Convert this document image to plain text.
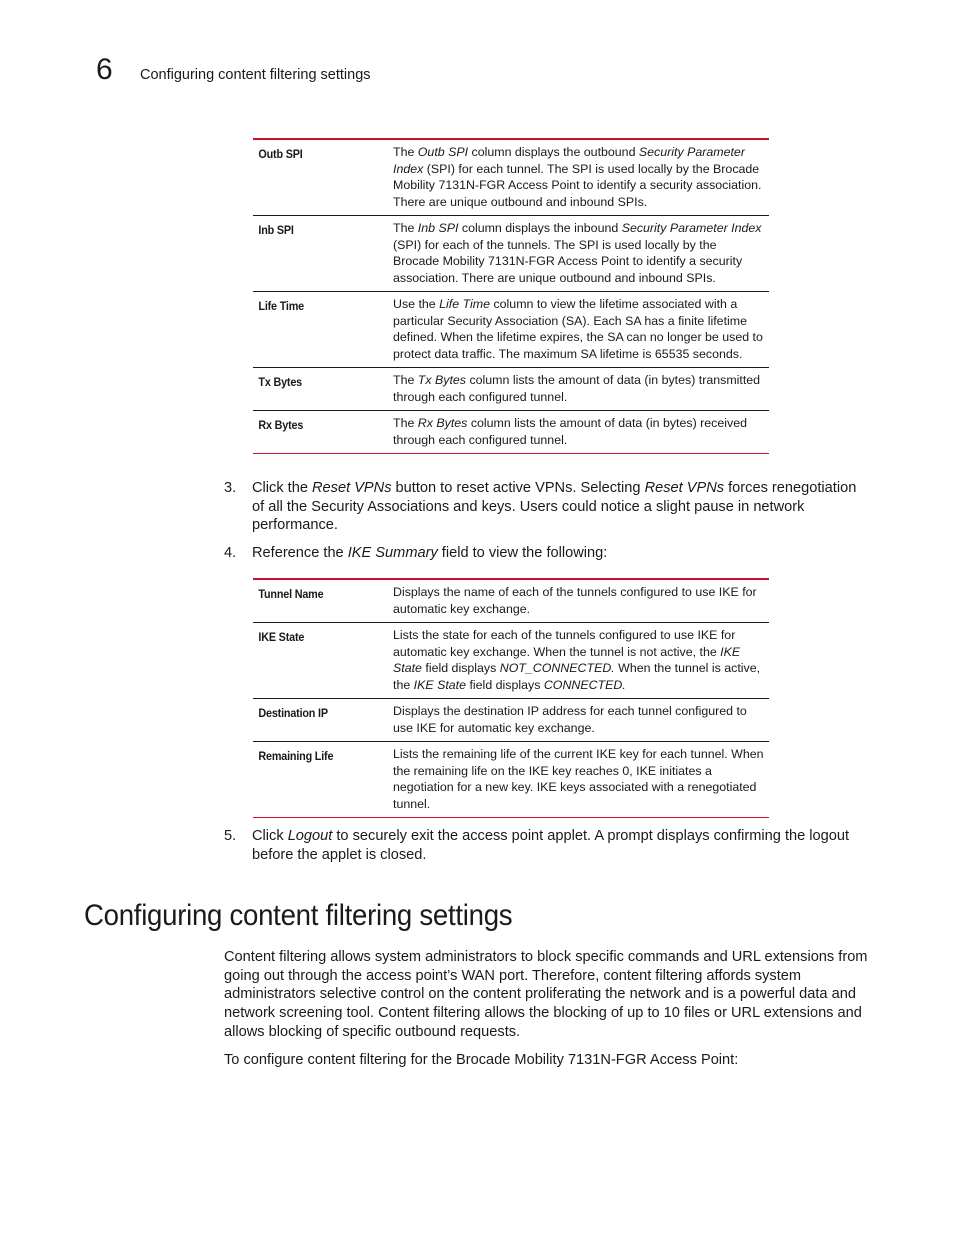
6 Configuring content filtering settings
Outb SPI	The Outb SPI column displays the outbound Security Parameter Index (SPI) for each tunnel. The SPI is used locally by the Brocade Mobility 7131N-FGR Access Point to identify a security association. There are unique outbound and inbound SPIs.
Inb SPI	The Inb SPI column displays the inbound Security Parameter Index (SPI) for each of the tunnels. The SPI is used locally by the Brocade Mobility 7131N-FGR Access Point to identify a security association. There are unique outbound and inbound SPIs.
Life Time	Use the Life Time column to view the lifetime associated with a particular Security Association (SA). Each SA has a finite lifetime defined. When the lifetime expires, the SA can no longer be used to protect data traffic. The maximum SA lifetime is 65535 seconds.
Tx Bytes	The Tx Bytes column lists the amount of data (in bytes) transmitted through each configured tunnel.
Rx Bytes	The Rx Bytes column lists the amount of data (in bytes) received through each configured tunnel.
3.	Click the Reset VPNs button to reset active VPNs. Selecting Reset VPNs forces renegotiation of all the Security Associations and keys. Users could notice a slight pause in network performance.
4.	Reference the IKE Summary field to view the following:
Tunnel Name	Displays the name of each of the tunnels configured to use IKE for automatic key exchange.
IKE State	Lists the state for each of the tunnels configured to use IKE for automatic key exchange. When the tunnel is not active, the IKE State field displays NOT_CONNECTED. When the tunnel is active, the IKE State field displays CONNECTED.
Destination IP	Displays the destination IP address for each tunnel configured to use IKE for automatic key exchange.
Remaining Life	Lists the remaining life of the current IKE key for each tunnel. When the remaining life on the IKE key reaches 0, IKE initiates a negotiation for a new key. IKE keys associated with a renegotiated tunnel.
5.	Click Logout to securely exit the access point applet. A prompt displays confirming the logout before the applet is closed.
Configuring content filtering settings

Content filtering allows system administrators to block specific commands and URL extensions from going out through the access point’s WAN port. Therefore, content filtering affords system administrators selective control on the content proliferating the network and is a powerful data and network screening tool. Content filtering allows the blocking of up to 10 files or URL extensions and allows blocking of specific outbound requests.

To configure content filtering for the Brocade Mobility 7131N-FGR Access Point:
